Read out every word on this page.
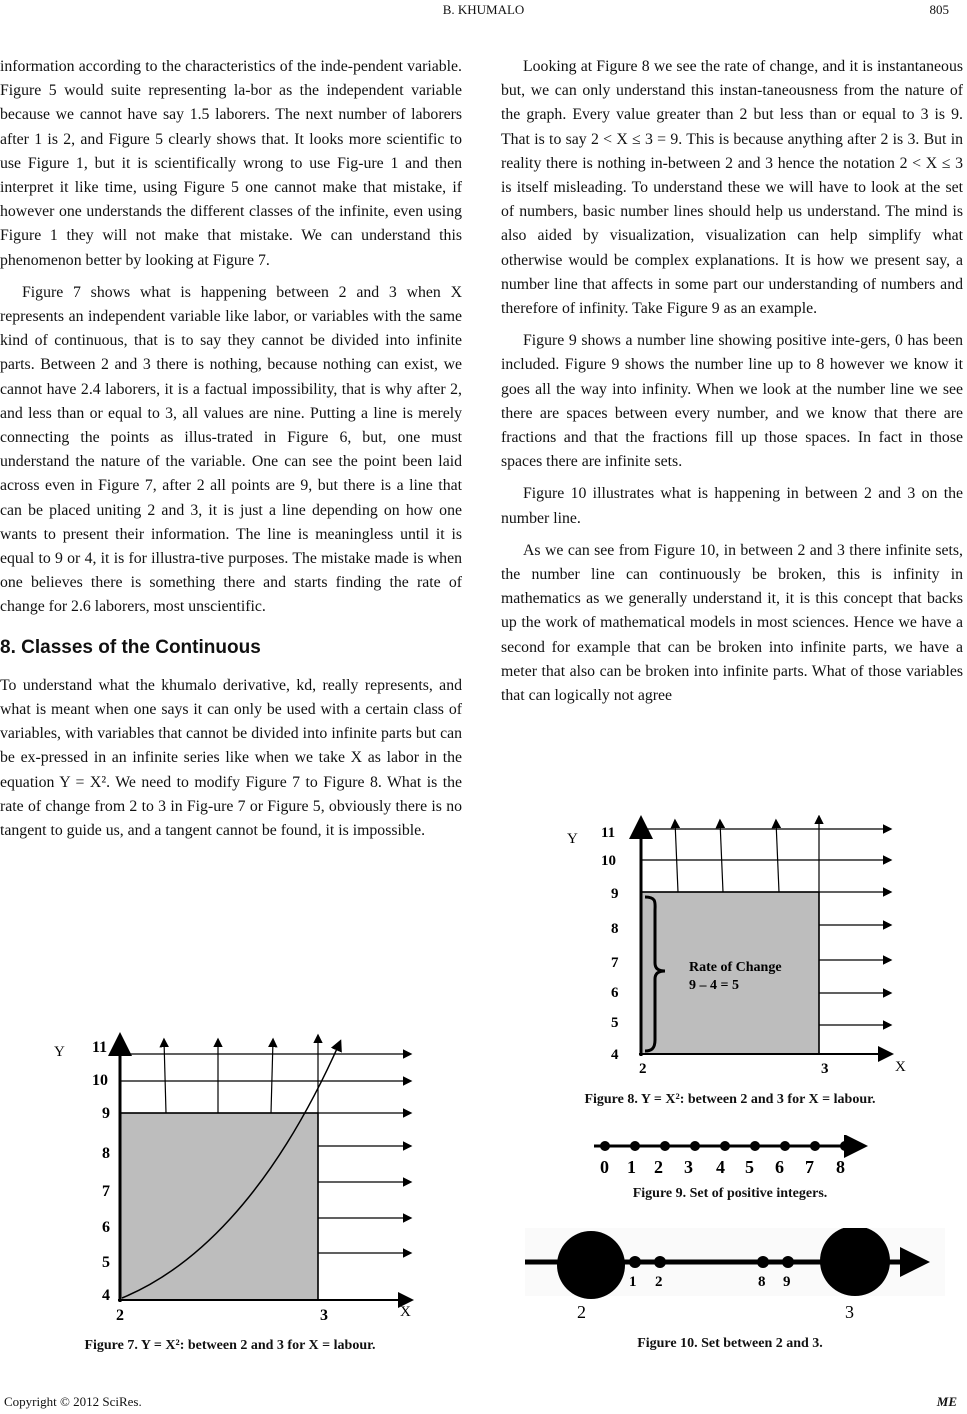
B. KHUMALO	805

information according to the characteristics of the inde-pendent variable. Figure 5 would suite representing la-bor as the independent variable because we cannot have say 1.5 laborers. The next number of laborers after 1 is 2, and Figure 5 clearly shows that. It looks more scientific to use Figure 1, but it is scientifically wrong to use Fig-ure 1 and then interpret it like time, using Figure 5 one cannot make that mistake, if however one understands the different classes of the infinite, even using Figure 1 they will not make that mistake. We can understand this phenomenon better by looking at Figure 7.

Figure 7 shows what is happening between 2 and 3 when X represents an independent variable like labor, or variables with the same kind of continuous, that is to say they cannot be divided into infinite parts. Between 2 and 3 there is nothing, because nothing can exist, we cannot have 2.4 laborers, it is a factual impossibility, that is why after 2, and less than or equal to 3, all values are nine. Putting a line is merely connecting the points as illus-trated in Figure 6, but, one must understand the nature of the variable. One can see the point been laid across even in Figure 7, after 2 all points are 9, but there is a line that can be placed uniting 2 and 3, it is just a line depending on how one wants to present their information. The line is meaningless until it is equal to 9 or 4, it is for illustra-tive purposes. The mistake made is when one believes there is something there and starts finding the rate of change for 2.6 laborers, most unscientific.

8. Classes of the Continuous

To understand what the khumalo derivative, kd, really represents, and what is meant when one says it can only be used with a certain class of variables, with variables that cannot be divided into infinite parts but can be ex-pressed in an infinite series like when we take X as labor in the equation Y = X². We need to modify Figure 7 to Figure 8. What is the rate of change from 2 to 3 in Fig-ure 7 or Figure 5, obviously there is no tangent to guide us, and a tangent cannot be found, it is impossible.

Looking at Figure 8 we see the rate of change, and it is instantaneous but, we can only understand this instan-taneousness from the nature of the graph. Every value greater than 2 but less than or equal to 3 is 9. That is to say 2 < X ≤ 3 = 9. This is because anything after 2 is 3. But in reality there is nothing in-between 2 and 3 hence the notation 2 < X ≤ 3 is itself misleading. To understand these we will have to look at the set of numbers, basic number lines should help us understand. The mind is also aided by visualization, visualization can help simplify what otherwise would be complex explanations. It is how we present say, a number line that affects in some part our understanding of numbers and therefore of infinity. Take Figure 9 as an example.

Figure 9 shows a number line showing positive inte-gers, 0 has been included. Figure 9 shows the number line up to 8 however we know it goes all the way into infinity. When we look at the number line we see there are spaces between every number, and we know that there are fractions and that the fractions fill up those spaces. In fact in those spaces there are infinite sets.

Figure 10 illustrates what is happening in between 2 and 3 on the number line.

As we can see from Figure 10, in between 2 and 3 there infinite sets, the number line can continuously be broken, this is infinity in mathematics as we generally understand it, it is this concept that backs up the work of mathematical models in most sciences. Hence we have a second for example that can be broken into infinite parts, we have a meter that also can be broken into infinite parts. What of those variables that can logically not agree

Y
X
11
10
9
8
7
6
5
4
2	3
Figure 7. Y = X²: between 2 and 3 for X = labour.
Rate of Change
9 – 4 = 5
Y
X
11
10
9
8
7
6
5
4
2	3
Figure 8. Y = X²: between 2 and 3 for X = labour.
0 1 2 3 4 5 6 7 8
Figure 9. Set of positive integers.
1 2	8 9
2	3
Figure 10. Set between 2 and 3.
Copyright © 2012 SciRes.	ME
